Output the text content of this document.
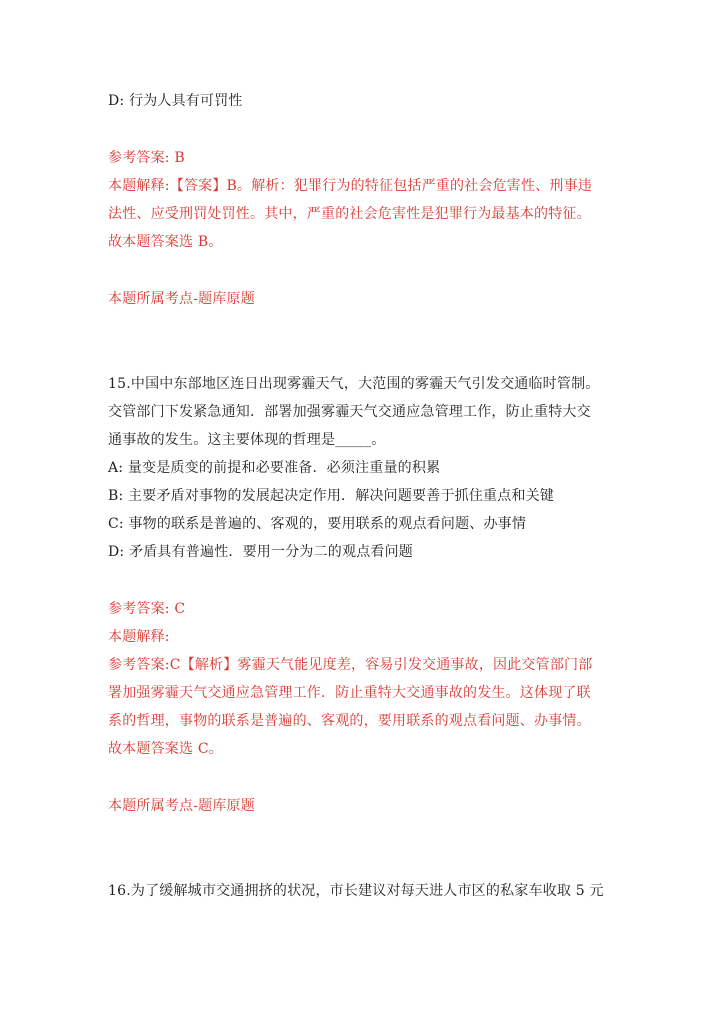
D: 行为人具有可罚性
参考答案: B
本题解释:【答案】B。解析：犯罪行为的特征包括严重的社会危害性、刑事违
法性、应受刑罚处罚性。其中，严重的社会危害性是犯罪行为最基本的特征。
故本题答案选 B。
本题所属考点-题库原题
15.中国中东部地区连日出现雾霾天气，大范围的雾霾天气引发交通临时管制。
交管部门下发紧急通知．部署加强雾霾天气交通应急管理工作，防止重特大交
通事故的发生。这主要体现的哲理是_____。
A: 量变是质变的前提和必要准备．必须注重量的积累
B: 主要矛盾对事物的发展起决定作用．解决问题要善于抓住重点和关键
C: 事物的联系是普遍的、客观的，要用联系的观点看问题、办事情
D: 矛盾具有普遍性．要用一分为二的观点看问题
参考答案: C
本题解释:
参考答案:C【解析】雾霾天气能见度差，容易引发交通事故，因此交管部门部
署加强雾霾天气交通应急管理工作．防止重特大交通事故的发生。这体现了联
系的哲理，事物的联系是普遍的、客观的，要用联系的观点看问题、办事情。
故本题答案选 C。
本题所属考点-题库原题
16.为了缓解城市交通拥挤的状况，市长建议对每天进人市区的私家车收取 5 元
